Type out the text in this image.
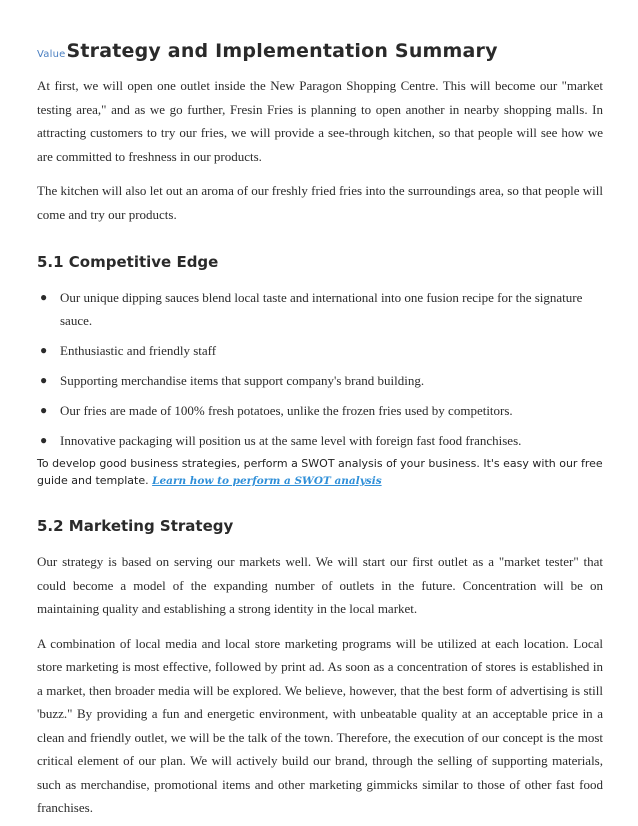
ValueStrategy and Implementation Summary

At first, we will open one outlet inside the New Paragon Shopping Centre. This will become our "market testing area," and as we go further, Fresin Fries is planning to open another in nearby shopping malls. In attracting customers to try our fries, we will provide a see-through kitchen, so that people will see how we are committed to freshness in our products.

The kitchen will also let out an aroma of our freshly fried fries into the surroundings area, so that people will come and try our products.

5.1 Competitive Edge
● Our unique dipping sauces blend local taste and international into one fusion recipe for the signature sauce.
● Enthusiastic and friendly staff
● Supporting merchandise items that support company's brand building.
● Our fries are made of 100% fresh potatoes, unlike the frozen fries used by competitors.
● Innovative packaging will position us at the same level with foreign fast food franchises.

To develop good business strategies, perform a SWOT analysis of your business. It's easy with our free guide and template. Learn how to perform a SWOT analysis

5.2 Marketing Strategy

Our strategy is based on serving our markets well. We will start our first outlet as a "market tester" that could become a model of the expanding number of outlets in the future. Concentration will be on maintaining quality and establishing a strong identity in the local market.

A combination of local media and local store marketing programs will be utilized at each location. Local store marketing is most effective, followed by print ad. As soon as a concentration of stores is established in a market, then broader media will be explored. We believe, however, that the best form of advertising is still 'buzz." By providing a fun and energetic environment, with unbeatable quality at an acceptable price in a clean and friendly outlet, we will be the talk of the town. Therefore, the execution of our concept is the most critical element of our plan. We will actively build our brand, through the selling of supporting materials, such as merchandise, promotional items and other marketing gimmicks similar to those of other fast food franchises.
